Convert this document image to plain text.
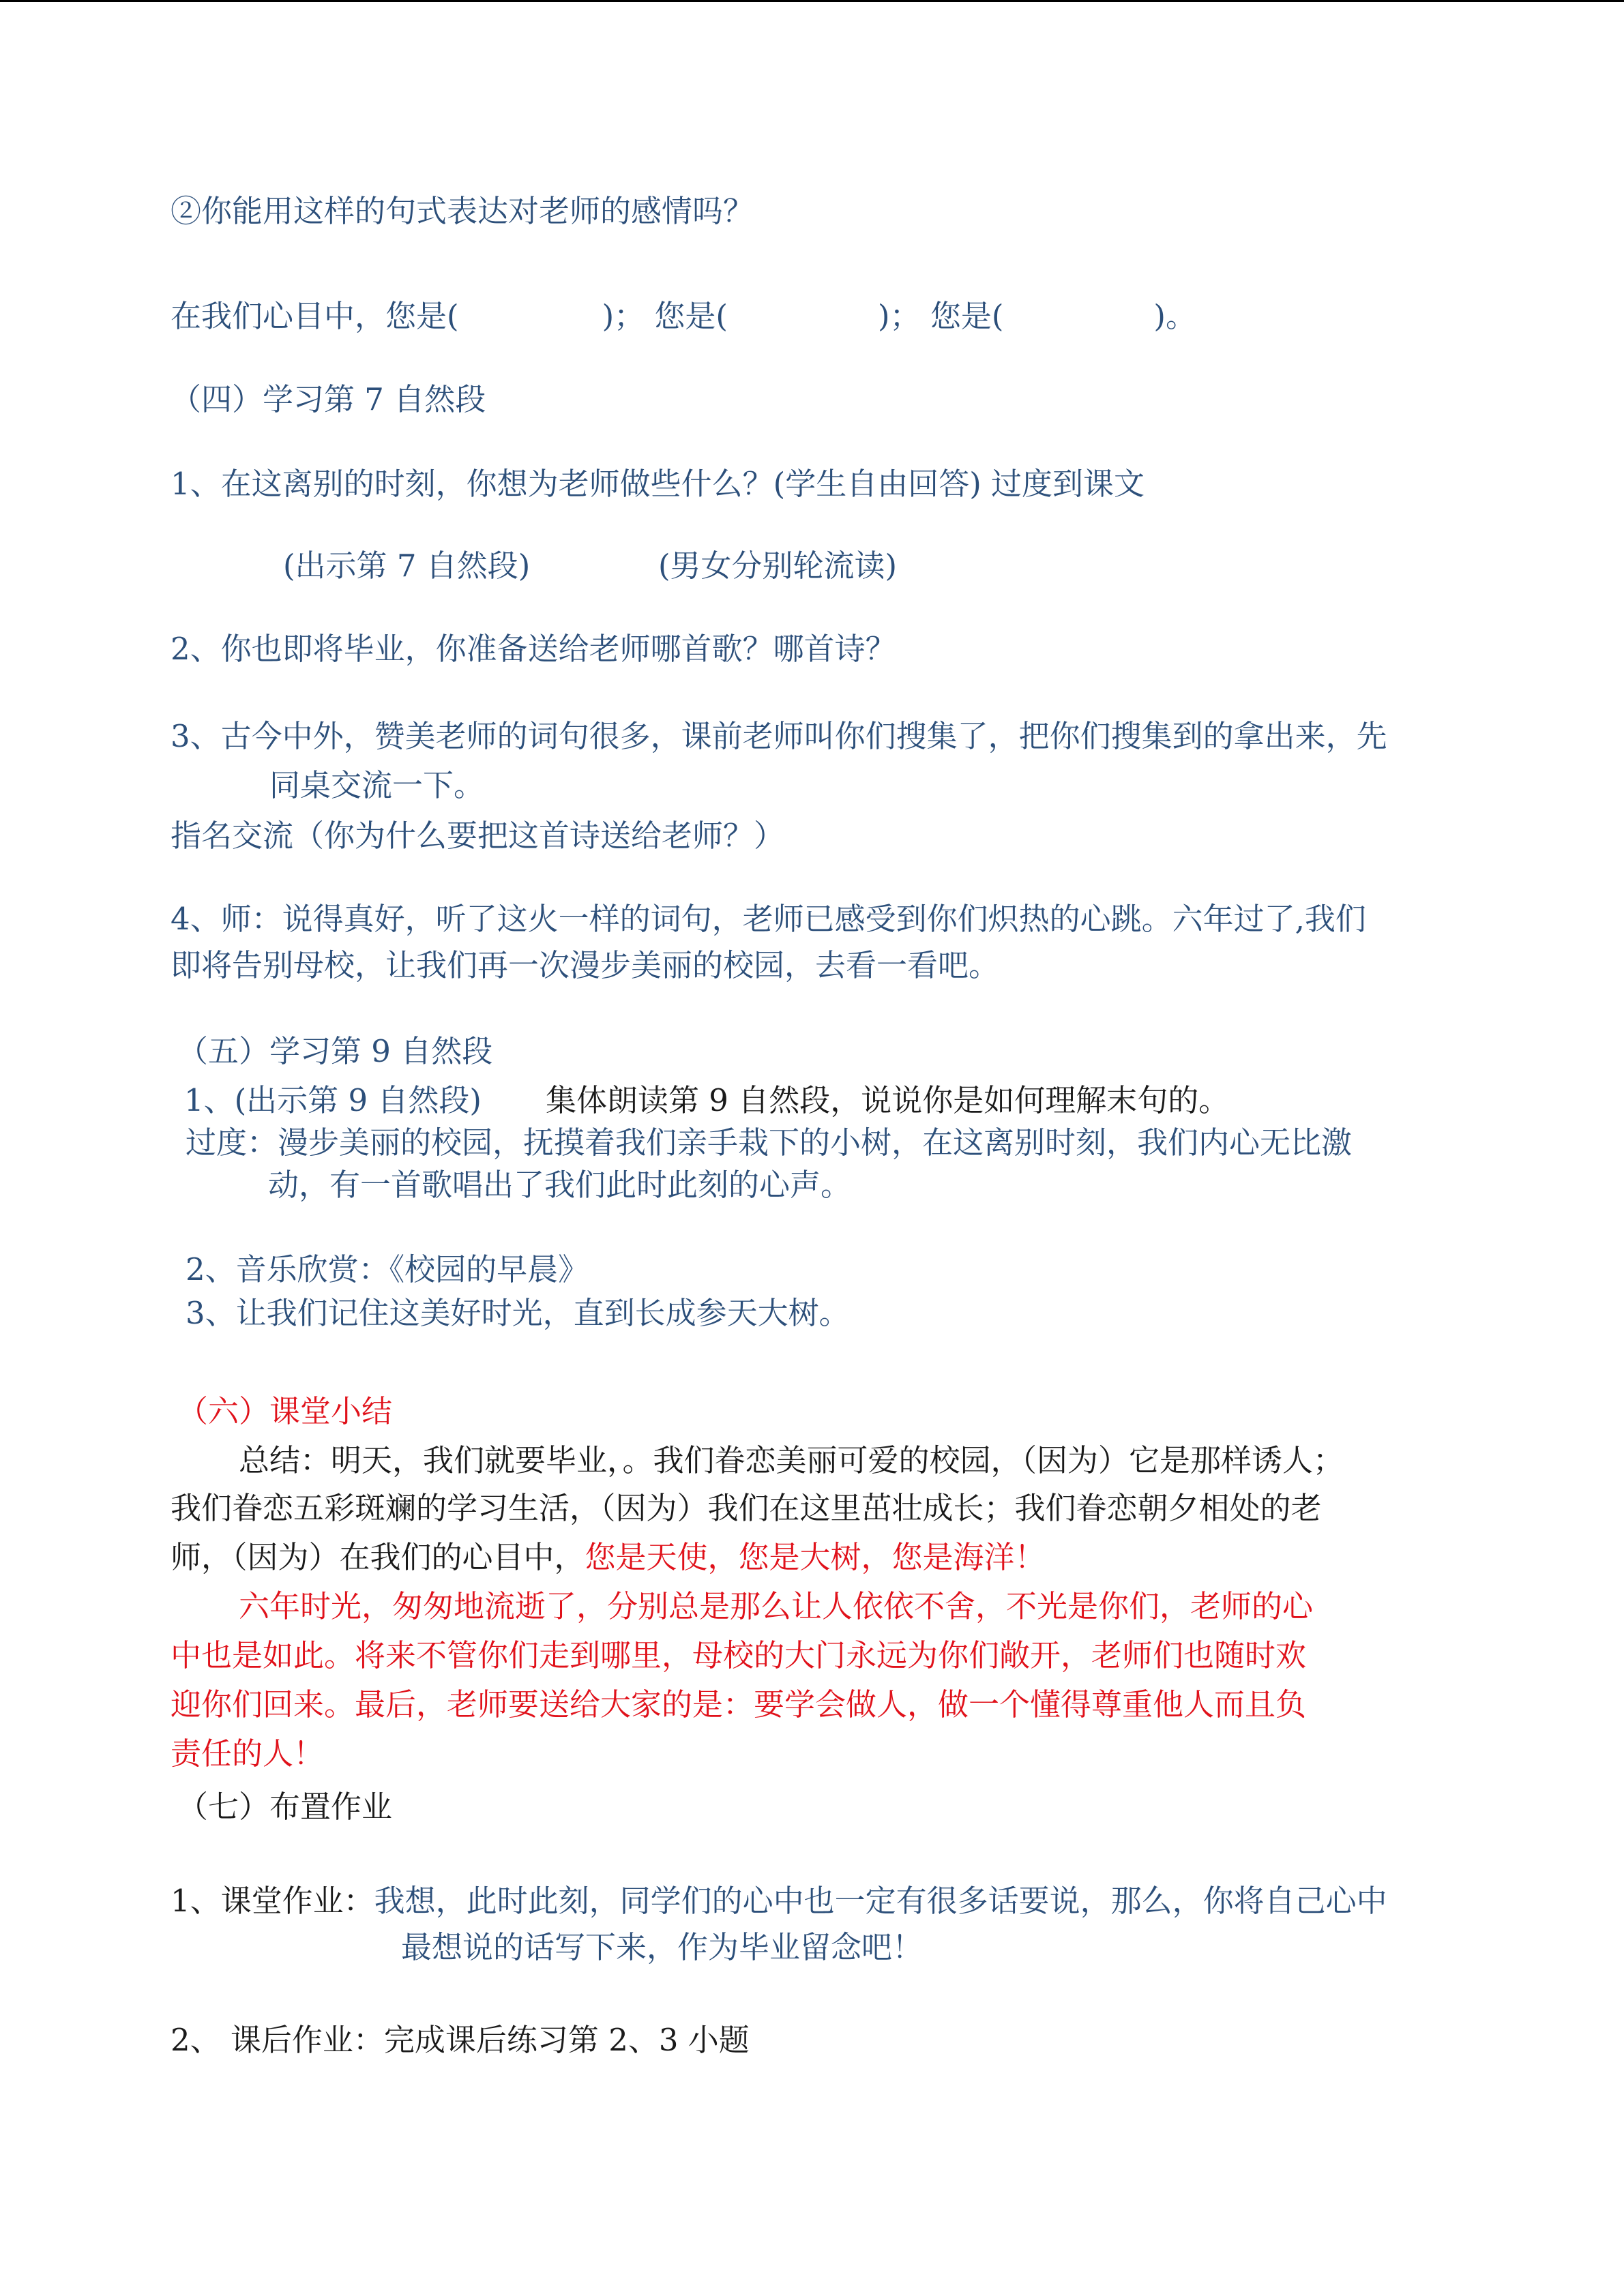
②你能用这样的句式表达对老师的感情吗？
在我们心目中，您是(	)； 您是(	)； 您是(	)。
（四）学习第 7 自然段
1、在这离别的时刻，你想为老师做些什么？(学生自由回答) 过度到课文
(出示第 7 自然段)	(男女分别轮流读)
2、你也即将毕业，你准备送给老师哪首歌？哪首诗？
3、古今中外，赞美老师的词句很多，课前老师叫你们搜集了，把你们搜集到的拿出来，先
同桌交流一下。
指名交流（你为什么要把这首诗送给老师？）
4、师：说得真好，听了这火一样的词句，老师已感受到你们炽热的心跳。六年过了,我们
即将告别母校，让我们再一次漫步美丽的校园，去看一看吧。
（五）学习第 9 自然段
1、(出示第 9 自然段) 集体朗读第 9 自然段，说说你是如何理解末句的。
过度：漫步美丽的校园，抚摸着我们亲手栽下的小树，在这离别时刻，我们内心无比激
动，有一首歌唱出了我们此时此刻的心声。
2、音乐欣赏：《校园的早晨》
3、让我们记住这美好时光，直到长成参天大树。
（六）课堂小结
总结：明天，我们就要毕业，。我们眷恋美丽可爱的校园，（因为）它是那样诱人；
我们眷恋五彩斑斓的学习生活，（因为）我们在这里茁壮成长；我们眷恋朝夕相处的老
师，（因为）在我们的心目中，您是天使，您是大树，您是海洋！
六年时光，匆匆地流逝了，分别总是那么让人依依不舍，不光是你们，老师的心
中也是如此。将来不管你们走到哪里，母校的大门永远为你们敞开，老师们也随时欢
迎你们回来。最后，老师要送给大家的是：要学会做人，做一个懂得尊重他人而且负
责任的人！
（七）布置作业
1、课堂作业：我想，此时此刻，同学们的心中也一定有很多话要说，那么，你将自己心中
最想说的话写下来，作为毕业留念吧！
2、 课后作业：完成课后练习第 2、3 小题
